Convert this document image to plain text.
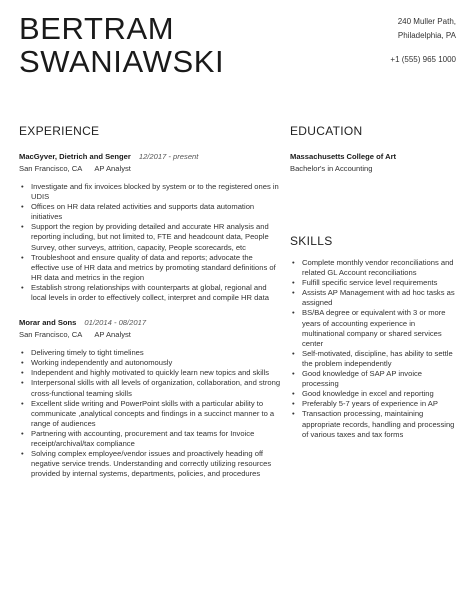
BERTRAM
SWANIAWSKI
240 Muller Path,
Philadelphia, PA
+1 (555) 965 1000
EXPERIENCE	EDUCATION
SKILLS
MacGyver, Dietrich and Senger 12/2017 - present
San Francisco, CA AP Analyst
• Investigate and fix invoices blocked by system or to the registered ones in UDIS
• Offices on HR data related activities and supports data automation initiatives
• Support the region by providing detailed and accurate HR analysis and reporting including, but not limited to, FTE and headcount data, People Survey, other surveys, attrition, capacity, People scorecards, etc
• Troubleshoot and ensure quality of data and reports; advocate the effective use of HR data and metrics by promoting standard definitions of HR data and metrics in the region
• Establish strong relationships with counterparts at global, regional and local levels in order to effectively collect, interpret and compile HR data
Morar and Sons 01/2014 - 08/2017
San Francisco, CA AP Analyst
• Delivering timely to tight timelines
• Working independently and autonomously
• Independent and highly motivated to quickly learn new topics and skills
• Interpersonal skills with all levels of organization, collaboration, and strong cross-functional teaming skills
• Excellent slide writing and PowerPoint skills with a particular ability to communicate ,analytical concepts and findings in a succinct manner to a range of audiences
• Partnering with accounting, procurement and tax teams for Invoice receipt/archival/tax compliance
• Solving complex employee/vendor issues and proactively heading off negative service trends. Understanding and correctly utilizing resources provided by internal systems, departments, policies, and procedures
Massachusetts College of Art
Bachelor's in Accounting
• Complete monthly vendor reconciliations and related GL Account reconciliations
• Fulfill specific service level requirements
• Assists AP Management with ad hoc tasks as assigned
• BS/BA degree or equivalent with 3 or more years of accounting experience in multinational company or shared services center
• Self-motivated, discipline, has ability to settle the problem independently
• Good knowledge of SAP AP invoice processing
• Good knowledge in excel and reporting
• Preferably 5-7 years of experience in AP
• Transaction processing, maintaining appropriate records, handling and processing of various taxes and tax forms
